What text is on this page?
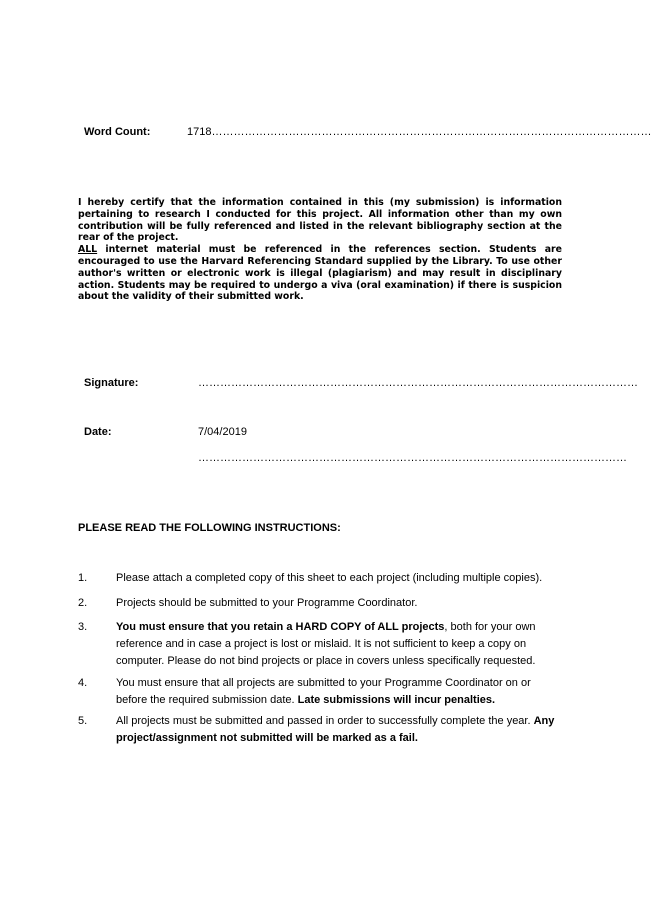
Word Count:	1718…………………………………………………………………………………………………………

I hereby certify that the information contained in this (my submission) is information pertaining to research I conducted for this project. All information other than my own contribution will be fully referenced and listed in the relevant bibliography section at the rear of the project.

ALL internet material must be referenced in the references section. Students are encouraged to use the Harvard Referencing Standard supplied by the Library. To use other author's written or electronic work is illegal (plagiarism) and may result in disciplinary action. Students may be required to undergo a viva (oral examination) if there is suspicion about the validity of their submitted work.

Signature:	…………………………………………………………………………………………………………
Date:	7/04/2019
………………………………………………………………………………………………………
PLEASE READ THE FOLLOWING INSTRUCTIONS:
1.	Please attach a completed copy of this sheet to each project (including multiple copies).
2.	Projects should be submitted to your Programme Coordinator.
3.	You must ensure that you retain a HARD COPY of ALL projects, both for your own reference and in case a project is lost or mislaid. It is not sufficient to keep a copy on computer. Please do not bind projects or place in covers unless specifically requested.
4.	You must ensure that all projects are submitted to your Programme Coordinator on or before the required submission date. Late submissions will incur penalties.
5.	All projects must be submitted and passed in order to successfully complete the year. Any project/assignment not submitted will be marked as a fail.
